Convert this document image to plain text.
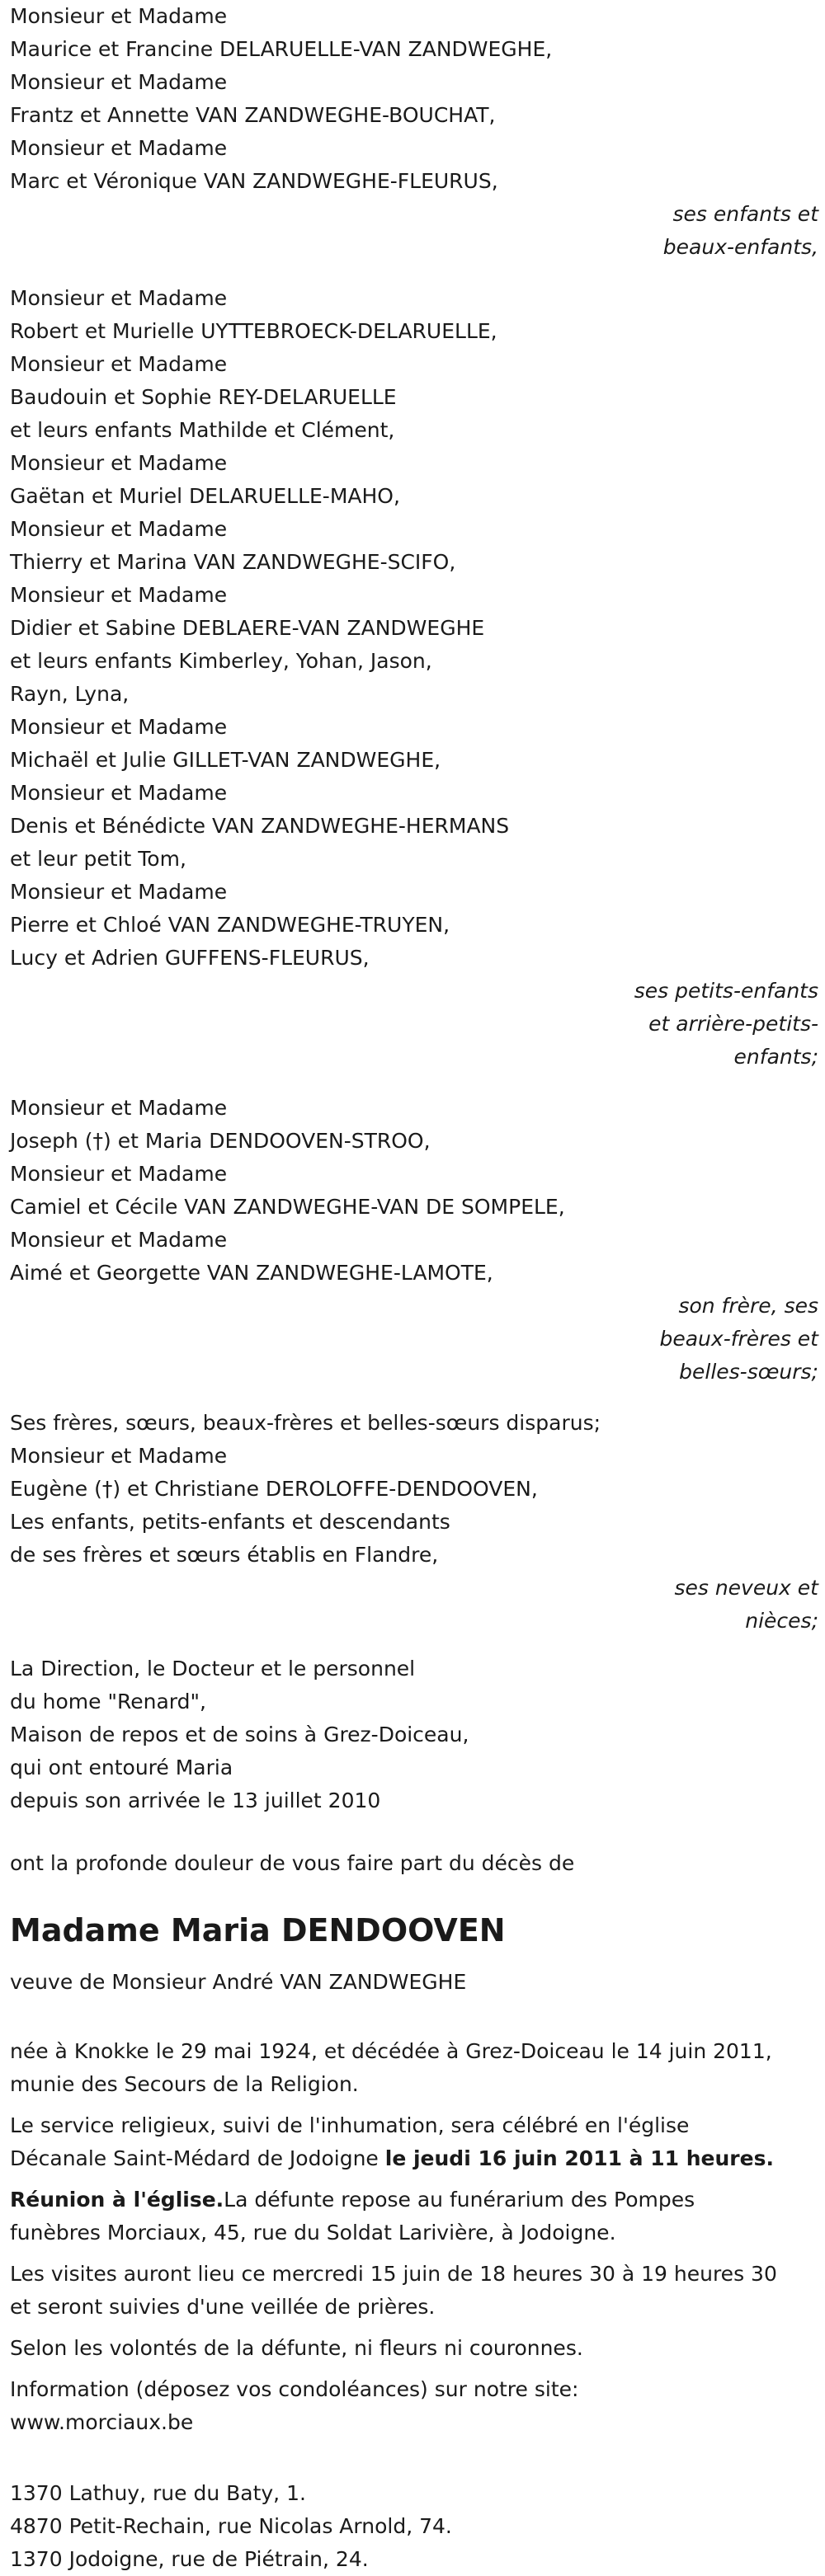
Monsieur et Madame
Maurice et Francine DELARUELLE-VAN ZANDWEGHE,
Monsieur et Madame
Frantz et Annette VAN ZANDWEGHE-BOUCHAT,
Monsieur et Madame
Marc et Véronique VAN ZANDWEGHE-FLEURUS,
ses enfants et
beaux-enfants,
Monsieur et Madame
Robert et Murielle UYTTEBROECK-DELARUELLE,
Monsieur et Madame
Baudouin et Sophie REY-DELARUELLE
et leurs enfants Mathilde et Clément,
Monsieur et Madame
Gaëtan et Muriel DELARUELLE-MAHO,
Monsieur et Madame
Thierry et Marina VAN ZANDWEGHE-SCIFO,
Monsieur et Madame
Didier et Sabine DEBLAERE-VAN ZANDWEGHE
et leurs enfants Kimberley, Yohan, Jason,
Rayn, Lyna,
Monsieur et Madame
Michaël et Julie GILLET-VAN ZANDWEGHE,
Monsieur et Madame
Denis et Bénédicte VAN ZANDWEGHE-HERMANS
et leur petit Tom,
Monsieur et Madame
Pierre et Chloé VAN ZANDWEGHE-TRUYEN,
Lucy et Adrien GUFFENS-FLEURUS,
ses petits-enfants
et arrière-petits-
enfants;
Monsieur et Madame
Joseph (†) et Maria DENDOOVEN-STROO,
Monsieur et Madame
Camiel et Cécile VAN ZANDWEGHE-VAN DE SOMPELE,
Monsieur et Madame
Aimé et Georgette VAN ZANDWEGHE-LAMOTE,
son frère, ses
beaux-frères et
belles-sœurs;
Ses frères, sœurs, beaux-frères et belles-sœurs disparus;
Monsieur et Madame
Eugène (†) et Christiane DEROLOFFE-DENDOOVEN,
Les enfants, petits-enfants et descendants
de ses frères et sœurs établis en Flandre,
ses neveux et
nièces;
La Direction, le Docteur et le personnel
du home "Renard",
Maison de repos et de soins à Grez-Doiceau,
qui ont entouré Maria
depuis son arrivée le 13 juillet 2010
ont la profonde douleur de vous faire part du décès de
Madame Maria DENDOOVEN
veuve de Monsieur André VAN ZANDWEGHE
née à Knokke le 29 mai 1924, et décédée à Grez-Doiceau le 14 juin 2011,
munie des Secours de la Religion.
Le service religieux, suivi de l'inhumation, sera célébré en l'église
Décanale Saint-Médard de Jodoigne le jeudi 16 juin 2011 à 11 heures.
Réunion à l'église.La défunte repose au funérarium des Pompes
funèbres Morciaux, 45, rue du Soldat Larivière, à Jodoigne.
Les visites auront lieu ce mercredi 15 juin de 18 heures 30 à 19 heures 30
et seront suivies d'une veillée de prières.
Selon les volontés de la défunte, ni fleurs ni couronnes.
Information (déposez vos condoléances) sur notre site:
www.morciaux.be
1370 Lathuy, rue du Baty, 1.
4870 Petit-Rechain, rue Nicolas Arnold, 74.
1370 Jodoigne, rue de Piétrain, 24.
